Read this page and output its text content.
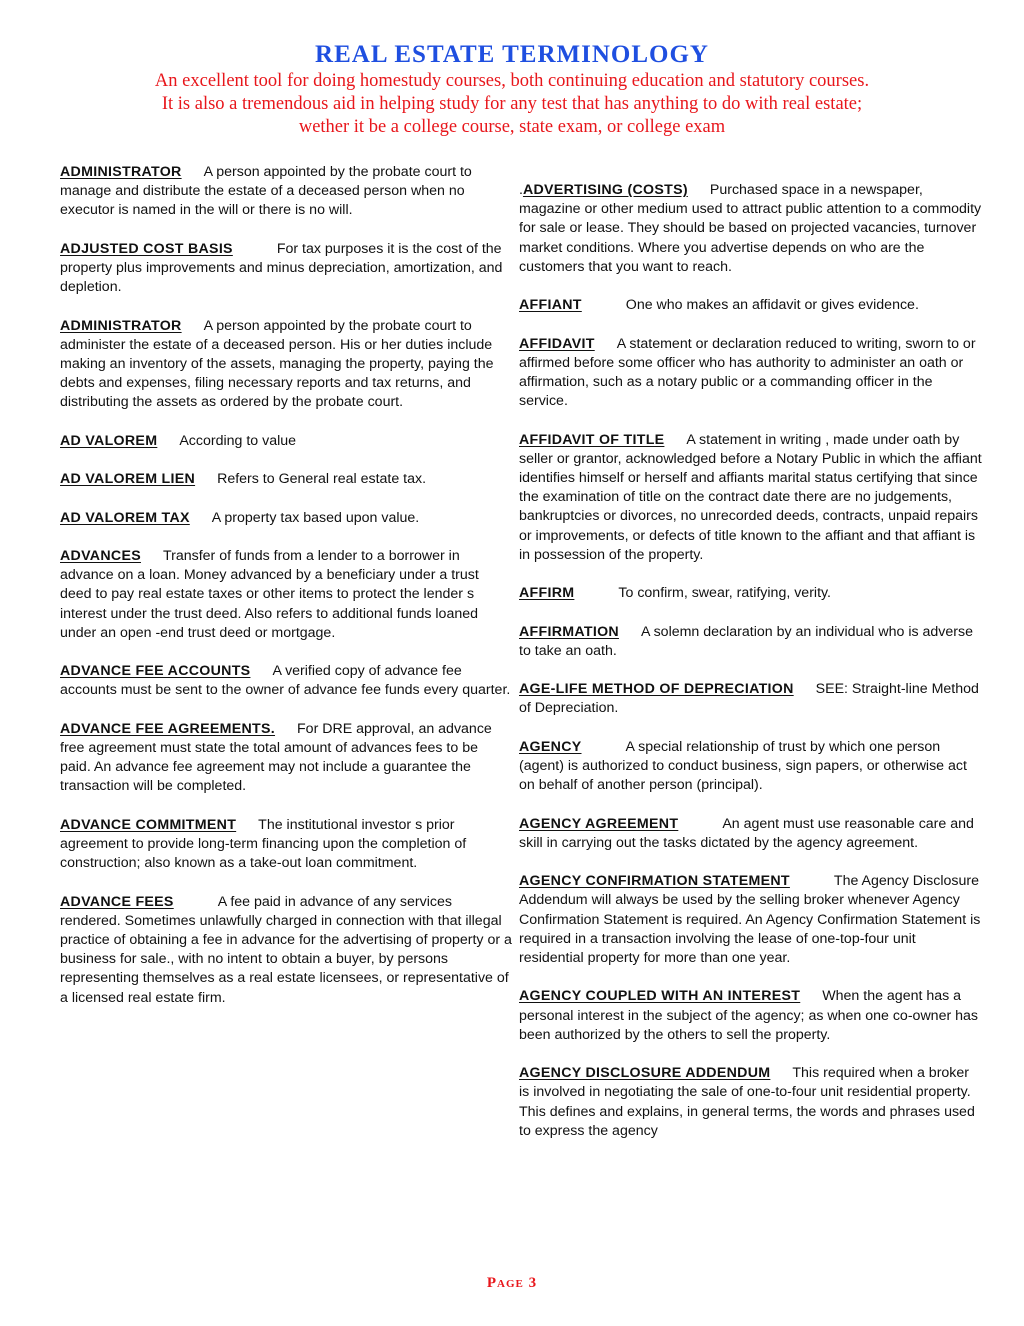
REAL ESTATE TERMINOLOGY
An excellent tool for doing homestudy courses, both continuing education and statutory courses.
It is also a tremendous aid in helping study for any test that has anything to do with real estate;
wether it be a college course, state exam, or college exam
ADMINISTRATOR A person appointed by the probate court to manage and distribute the estate of a deceased person when no executor is named in the will or there is no will.
ADJUSTED COST BASIS	For tax purposes it is the cost of the property plus improvements and minus depreciation, amortization, and depletion.
ADMINISTRATOR A person appointed by the probate court to administer the estate of a deceased person. His or her duties include making an inventory of the assets, managing the property, paying the debts and expenses, filing necessary reports and tax returns, and distributing the assets as ordered by the probate court.
AD VALOREM According to value
AD VALOREM LIEN Refers to General real estate tax.
AD VALOREM TAX A property tax based upon value.
ADVANCES Transfer of funds from a lender to a borrower in advance on a loan. Money advanced by a beneficiary under a trust deed to pay real estate taxes or other items to protect the lender s interest under the trust deed. Also refers to additional funds loaned under an open -end trust deed or mortgage.
ADVANCE FEE ACCOUNTS A verified copy of advance fee accounts must be sent to the owner of advance fee funds every quarter.
ADVANCE FEE AGREEMENTS. For DRE approval, an advance free agreement must state the total amount of advances fees to be paid. An advance fee agreement may not include a guarantee the transaction will be completed.
ADVANCE COMMITMENT The institutional investor s prior agreement to provide long-term financing upon the completion of construction; also known as a take-out loan commitment.
ADVANCE FEES	A fee paid in advance of any services rendered. Sometimes unlawfully charged in connection with that illegal practice of obtaining a fee in advance for the advertising of property or a business for sale., with no intent to obtain a buyer, by persons representing themselves as a real estate licensees, or representative of a licensed real estate firm.
.ADVERTISING (COSTS) Purchased space in a newspaper, magazine or other medium used to attract public attention to a commodity for sale or lease. They should be based on projected vacancies, turnover market conditions. Where you advertise depends on who are the customers that you want to reach.
AFFIANT	One who makes an affidavit or gives evidence.
AFFIDAVIT A statement or declaration reduced to writing, sworn to or affirmed before some officer who has authority to administer an oath or affirmation, such as a notary public or a commanding officer in the service.
AFFIDAVIT OF TITLE A statement in writing , made under oath by seller or grantor, acknowledged before a Notary Public in which the affiant identifies himself or herself and affiants marital status certifying that since the examination of title on the contract date there are no judgements, bankruptcies or divorces, no unrecorded deeds, contracts, unpaid repairs or improvements, or defects of title known to the affiant and that affiant is in possession of the property.
AFFIRM	To confirm, swear, ratifying, verity.
AFFIRMATION A solemn declaration by an individual who is adverse to take an oath.
AGE-LIFE METHOD OF DEPRECIATION SEE: Straight-line Method of Depreciation.
AGENCY	A special relationship of trust by which one person (agent) is authorized to conduct business, sign papers, or otherwise act on behalf of another person (principal).
AGENCY AGREEMENT	An agent must use reasonable care and skill in carrying out the tasks dictated by the agency agreement.
AGENCY CONFIRMATION STATEMENT	The Agency Disclosure Addendum will always be used by the selling broker whenever Agency Confirmation Statement is required. An Agency Confirmation Statement is required in a transaction involving the lease of one-top-four unit residential property for more than one year.
AGENCY COUPLED WITH AN INTEREST When the agent has a personal interest in the subject of the agency; as when one co-owner has been authorized by the others to sell the property.
AGENCY DISCLOSURE ADDENDUM This required when a broker is involved in negotiating the sale of one-to-four unit residential property. This defines and explains, in general terms, the words and phrases used to express the agency
Page 3
